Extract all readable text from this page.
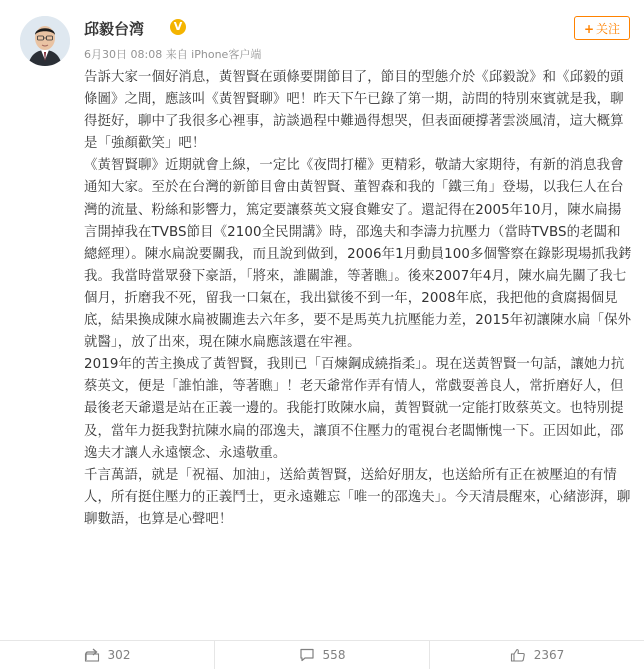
邱毅台湾	V
6月30日 08:08 来自 iPhone客户端
+ 关注

告訴大家一個好消息，黃智賢在頭條要開節目了，節目的型態介於《邱毅說》和《邱毅的頭條圖》之間，應該叫《黃智賢聊》吧！昨天下午已錄了第一期，訪問的特別來賓就是我，聊得挺好，聊中了我很多心裡事，訪談過程中難過得想哭，但表面硬撐著雲淡風清，這大概算是「強顏歡笑」吧！

《黃智賢聊》近期就會上線，一定比《夜問打權》更精彩，敬請大家期待，有新的消息我會通知大家。至於在台灣的新節目會由黃智賢、董智森和我的「鐵三角」登場，以我仨人在台灣的流量、粉絲和影響力，篤定要讓蔡英文寢食難安了。還記得在2005年10月，陳水扁揚言開掉我在TVBS節目《2100全民開講》時，邵逸夫和李濤力抗壓力（當時TVBS的老闆和總經理）。陳水扁說要關我，而且說到做到，2006年1月動員100多個警察在錄影現場抓我銬我。我當時當眾發下豪語，「將來，誰關誰，等著瞧」。後來2007年4月，陳水扁先關了我七個月，折磨我不死，留我一口氣在，我出獄後不到一年，2008年底，我把他的貪腐揭個見底，結果換成陳水扁被關進去六年多，要不是馬英九抗壓能力差，2015年初讓陳水扁「保外就醫」，放了出來，現在陳水扁應該還在牢裡。

2019年的苦主換成了黃智賢，我則已「百煉鋼成繞指柔」。現在送黃智賢一句話，讓她力抗蔡英文，便是「誰怕誰，等著瞧」！老天爺常作弄有情人，常戲耍善良人，常折磨好人，但最後老天爺還是站在正義一邊的。我能打敗陳水扁，黃智賢就一定能打敗蔡英文。也特別提及，當年力挺我對抗陳水扁的邵逸夫，讓頂不住壓力的電視台老闆慚愧一下。正因如此，邵逸夫才讓人永遠懷念、永遠敬重。

千言萬語，就是「祝福、加油」，送給黃智賢，送給好朋友，也送給所有正在被壓迫的有情人，所有挺住壓力的正義鬥士，更永遠難忘「唯一的邵逸夫」。今天清晨醒來，心緒澎湃，聊聊數語，也算是心聲吧！

302	558	2367
